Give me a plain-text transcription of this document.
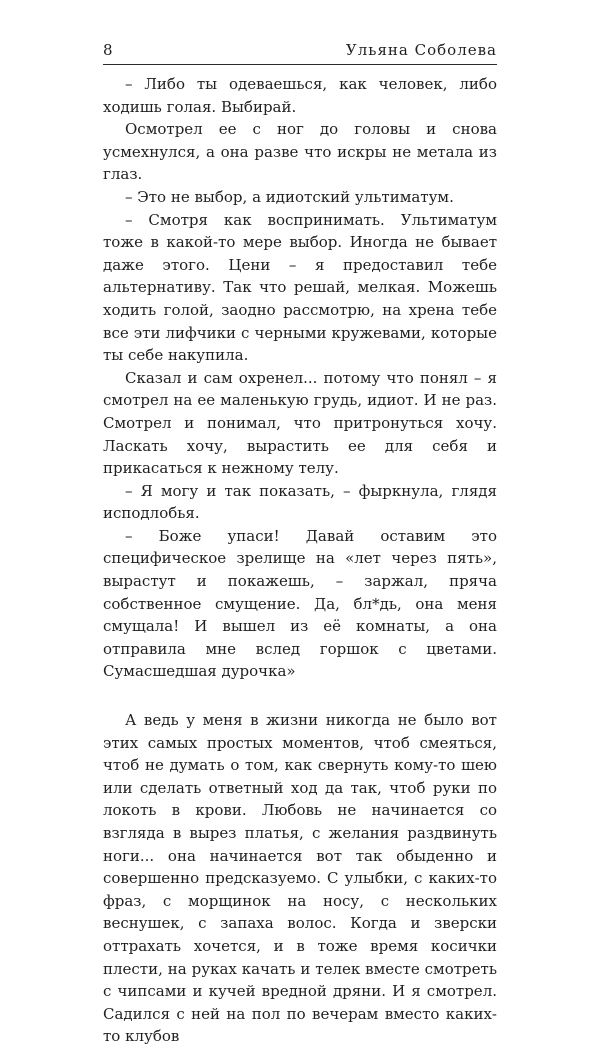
8	Ульяна Соболева

– Либо ты одеваешься, как человек, либо ходишь голая. Выбирай.

Осмотрел ее с ног до головы и снова усмехнулся, а она разве что искры не метала из глаз.

– Это не выбор, а идиотский ультиматум.

– Смотря как воспринимать. Ультиматум тоже в какой-то мере выбор. Иногда не бывает даже этого. Цени – я предоставил тебе альтернативу. Так что решай, мелкая. Можешь ходить голой, заодно рассмотрю, на хрена тебе все эти лифчики с черными кружевами, которые ты себе накупила.

Сказал и сам охренел... потому что понял – я смотрел на ее маленькую грудь, идиот. И не раз. Смотрел и понимал, что притронуться хочу. Ласкать хочу, вырастить ее для себя и прикасаться к нежному телу.

– Я могу и так показать, – фыркнула, глядя исподлобья.

– Боже упаси! Давай оставим это специфическое зрелище на «лет через пять», вырастут и покажешь, – заржал, пряча собственное смущение. Да, бл*дь, она меня смущала! И вышел из её комнаты, а она отправила мне вслед горшок с цветами. Сумасшедшая дурочка»

А ведь у меня в жизни никогда не было вот этих самых простых моментов, чтоб смеяться, чтоб не думать о том, как свернуть кому-то шею или сделать ответный ход да так, чтоб руки по локоть в крови. Любовь не начинается со взгляда в вырез платья, с желания раздвинуть ноги... она начинается вот так обыденно и совершенно предсказуемо. С улыбки, с каких-то фраз, с морщинок на носу, с нескольких веснушек, с запаха волос. Когда и зверски оттрахать хочется, и в тоже время косички плести, на руках качать и телек вместе смотреть с чипсами и кучей вредной дряни. И я смотрел. Садился с ней на пол по вечерам вместо каких-то клубов
